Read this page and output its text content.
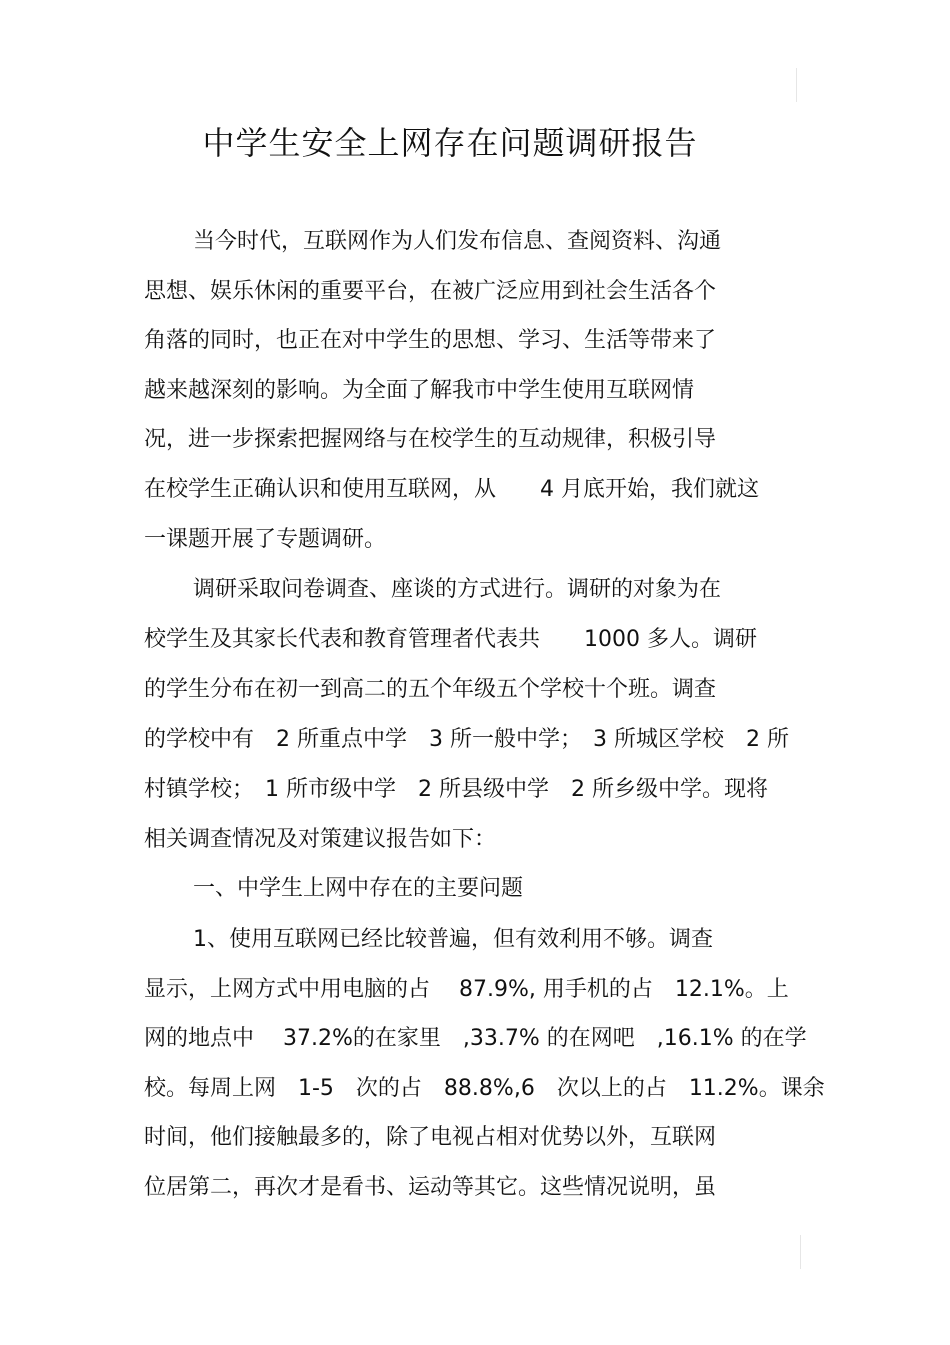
中学生安全上网存在问题调研报告
当今时代，互联网作为人们发布信息、查阅资料、沟通
思想、娱乐休闲的重要平台，在被广泛应用到社会生活各个
角落的同时，也正在对中学生的思想、学习、生活等带来了
越来越深刻的影响。为全面了解我市中学生使用互联网情
况，进一步探索把握网络与在校学生的互动规律，积极引导
在校学生正确认识和使用互联网，从　　4 月底开始，我们就这
一课题开展了专题调研。
调研采取问卷调查、座谈的方式进行。调研的对象为在
校学生及其家长代表和教育管理者代表共　　1000 多人。调研
的学生分布在初一到高二的五个年级五个学校十个班。调查
的学校中有　2 所重点中学　3 所一般中学；　3 所城区学校　2 所
村镇学校；　1 所市级中学　2 所县级中学　2 所乡级中学。现将
相关调查情况及对策建议报告如下：
一、中学生上网中存在的主要问题
1、使用互联网已经比较普遍，但有效利用不够。调查
显示，上网方式中用电脑的占　 87.9%, 用手机的占　12.1%。上
网的地点中　 37.2%的在家里　,33.7% 的在网吧　,16.1% 的在学
校。每周上网　1-5　次的占　88.8%,6　次以上的占　11.2%。课余
时间，他们接触最多的，除了电视占相对优势以外，互联网
位居第二，再次才是看书、运动等其它。这些情况说明，虽
